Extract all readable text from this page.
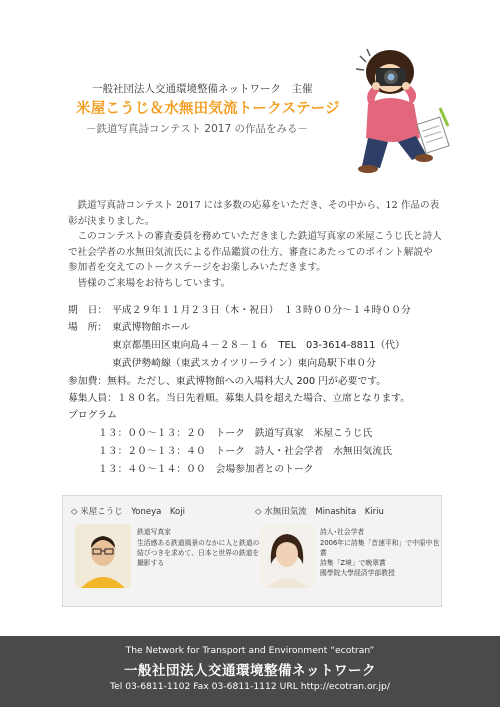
一般社団法人交通環境整備ネットワーク　主催
米屋こうじ＆水無田気流トークステージ
－鉄道写真詩コンテスト 2017 の作品をみる－

鉄道写真詩コンテスト 2017 には多数の応募をいただき、その中から、12 作品の表彰が決まりました。

このコンテストの審査委員を務めていただきました鉄道写真家の米屋こうじ氏と詩人で社会学者の水無田気流氏による作品鑑賞の仕方、審査にあたってのポイント解説や参加者を交えてのトークステージをお楽しみいただきます。

皆様のご来場をお待ちしています。

期　日： 平成２９年１１月２３日（木・祝日）　１３時００分～１４時００分
場　所： 東武博物館ホール
東京都墨田区東向島４－２８－１６　TEL　03-3614-8811（代）
東武伊勢崎線（東武スカイツリーライン）東向島駅下車０分
参加費：無料。ただし、東武博物館への入場料大人 200 円が必要です。
募集人員：１８０名。当日先着順。募集人員を超えた場合、立席となります。
プログラム
１３：００～１３：２０　トーク　鉄道写真家　米屋こうじ氏
１３：２０～１３：４０　トーク　詩人・社会学者　水無田気流氏
１３：４０～１４：００　会場参加者とのトーク
◇ 米屋こうじ　Yoneya　Koji
鉄道写真家
生活感ある鉄道風景のなかに人と鉄道の
結びつきを求めて、日本と世界の鉄道を
撮影する
◇ 水無田気流　Minashita　Kiriu
詩人･社会学者
2006年に詩集「音速平和」で中原中也賞
詩集「Z境」で晩翠賞
國學院大學経済学部教授
The Network for Transport and Environment “ecotran”
一般社団法人交通環境整備ネットワーク
Tel 03-6811-1102 Fax 03-6811-1112 URL http://ecotran.or.jp/
